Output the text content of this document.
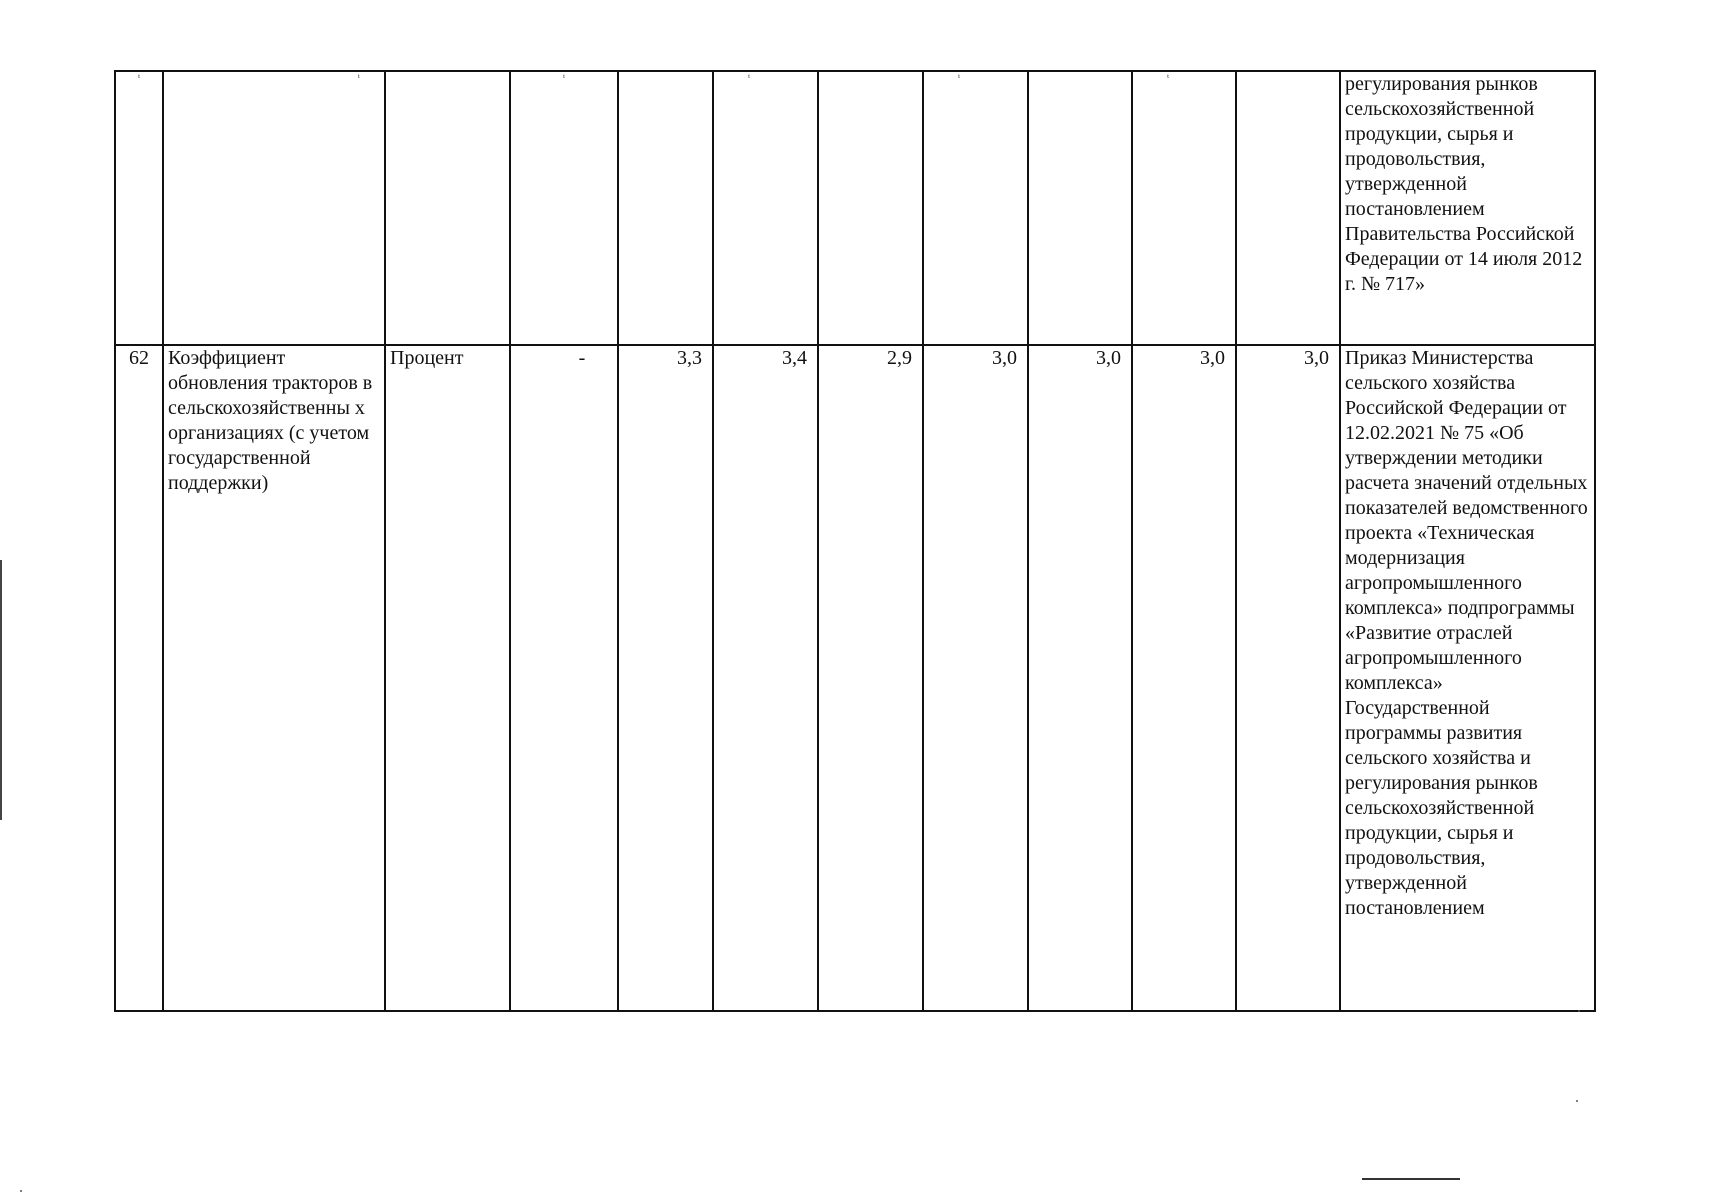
ᵗ	ᵗ		ᵗ		ᵗ		ᵗ		ᵗ		регулирования рынков сельскохозяйственной продукции, сырья и продовольствия, утвержденной постановлением Правительства Российской Федерации от 14 июля 2012 г. № 717»
62	Коэффициент обновления тракторов в сельскохозяйственны х организациях (с учетом государственной поддержки)	Процент	-	3,3	3,4	2,9	3,0	3,0	3,0	3,0	Приказ Министерства сельского хозяйства Российской Федерации от 12.02.2021 № 75 «Об утверждении методики расчета значений отдельных показателей ведомственного проекта «Техническая модернизация агропромышленного комплекса» подпрограммы «Развитие отраслей агропромышленного комплекса» Государственной программы развития сельского хозяйства и регулирования рынков сельскохозяйственной продукции, сырья и продовольствия, утвержденной постановлением
